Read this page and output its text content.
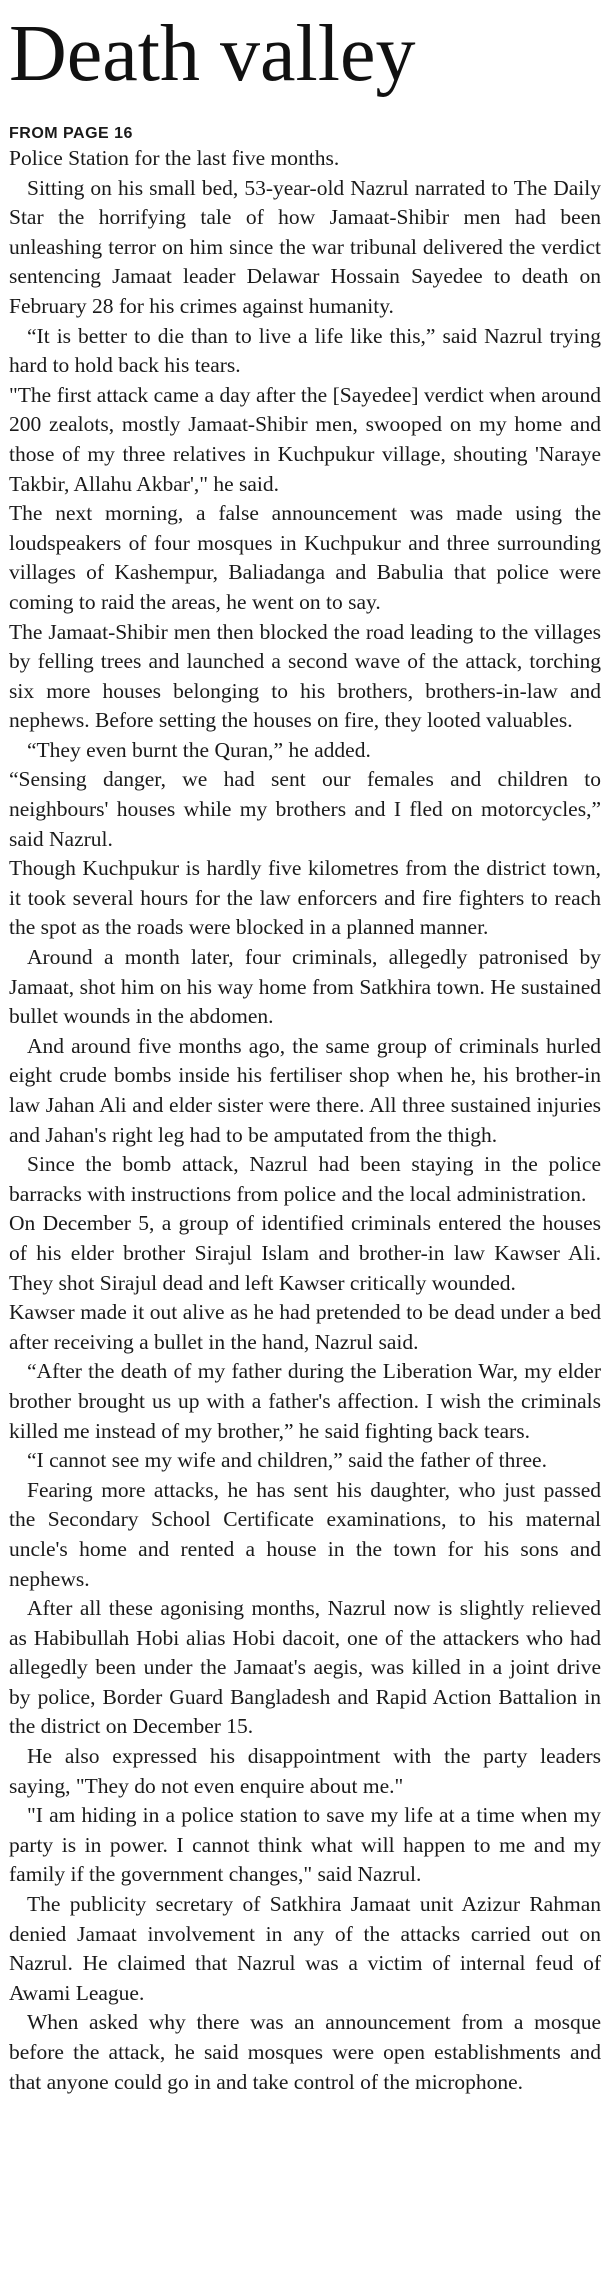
Death valley
FROM PAGE 16

Police Station for the last five months.

Sitting on his small bed, 53-year-old Nazrul narrated to The Daily Star the horrifying tale of how Jamaat-Shibir men had been unleashing terror on him since the war tribunal delivered the verdict sentencing Jamaat leader Delawar Hossain Sayedee to death on February 28 for his crimes against humanity.

“It is better to die than to live a life like this,” said Nazrul trying hard to hold back his tears.

"The first attack came a day after the [Sayedee] verdict when around 200 zealots, mostly Jamaat-Shibir men, swooped on my home and those of my three relatives in Kuchpukur village, shouting 'Naraye Takbir, Allahu Akbar'," he said.

The next morning, a false announcement was made using the loudspeakers of four mosques in Kuchpukur and three surrounding villages of Kashempur, Baliadanga and Babulia that police were coming to raid the areas, he went on to say.

The Jamaat-Shibir men then blocked the road leading to the villages by felling trees and launched a second wave of the attack, torching six more houses belonging to his brothers, brothers-in-law and nephews. Before setting the houses on fire, they looted valuables.

“They even burnt the Quran,” he added.

“Sensing danger, we had sent our females and children to neighbours' houses while my brothers and I fled on motorcycles,” said Nazrul.

Though Kuchpukur is hardly five kilometres from the district town, it took several hours for the law enforcers and fire fighters to reach the spot as the roads were blocked in a planned manner.

Around a month later, four criminals, allegedly patronised by Jamaat, shot him on his way home from Satkhira town. He sustained bullet wounds in the abdomen.

And around five months ago, the same group of criminals hurled eight crude bombs inside his fertiliser shop when he, his brother-in law Jahan Ali and elder sister were there. All three sustained injuries and Jahan's right leg had to be amputated from the thigh.

Since the bomb attack, Nazrul had been staying in the police barracks with instructions from police and the local administration.

On December 5, a group of identified criminals entered the houses of his elder brother Sirajul Islam and brother-in law Kawser Ali. They shot Sirajul dead and left Kawser critically wounded.

Kawser made it out alive as he had pretended to be dead under a bed after receiving a bullet in the hand, Nazrul said.

“After the death of my father during the Liberation War, my elder brother brought us up with a father's affection. I wish the criminals killed me instead of my brother,” he said fighting back tears.

“I cannot see my wife and children,” said the father of three.

Fearing more attacks, he has sent his daughter, who just passed the Secondary School Certificate examinations, to his maternal uncle's home and rented a house in the town for his sons and nephews.

After all these agonising months, Nazrul now is slightly relieved as Habibullah Hobi alias Hobi dacoit, one of the attackers who had allegedly been under the Jamaat's aegis, was killed in a joint drive by police, Border Guard Bangladesh and Rapid Action Battalion in the district on December 15.

He also expressed his disappointment with the party leaders saying, "They do not even enquire about me."

"I am hiding in a police station to save my life at a time when my party is in power. I cannot think what will happen to me and my family if the government changes," said Nazrul.

The publicity secretary of Satkhira Jamaat unit Azizur Rahman denied Jamaat involvement in any of the attacks carried out on Nazrul. He claimed that Nazrul was a victim of internal feud of Awami League.

When asked why there was an announcement from a mosque before the attack, he said mosques were open establishments and that anyone could go in and take control of the microphone.
